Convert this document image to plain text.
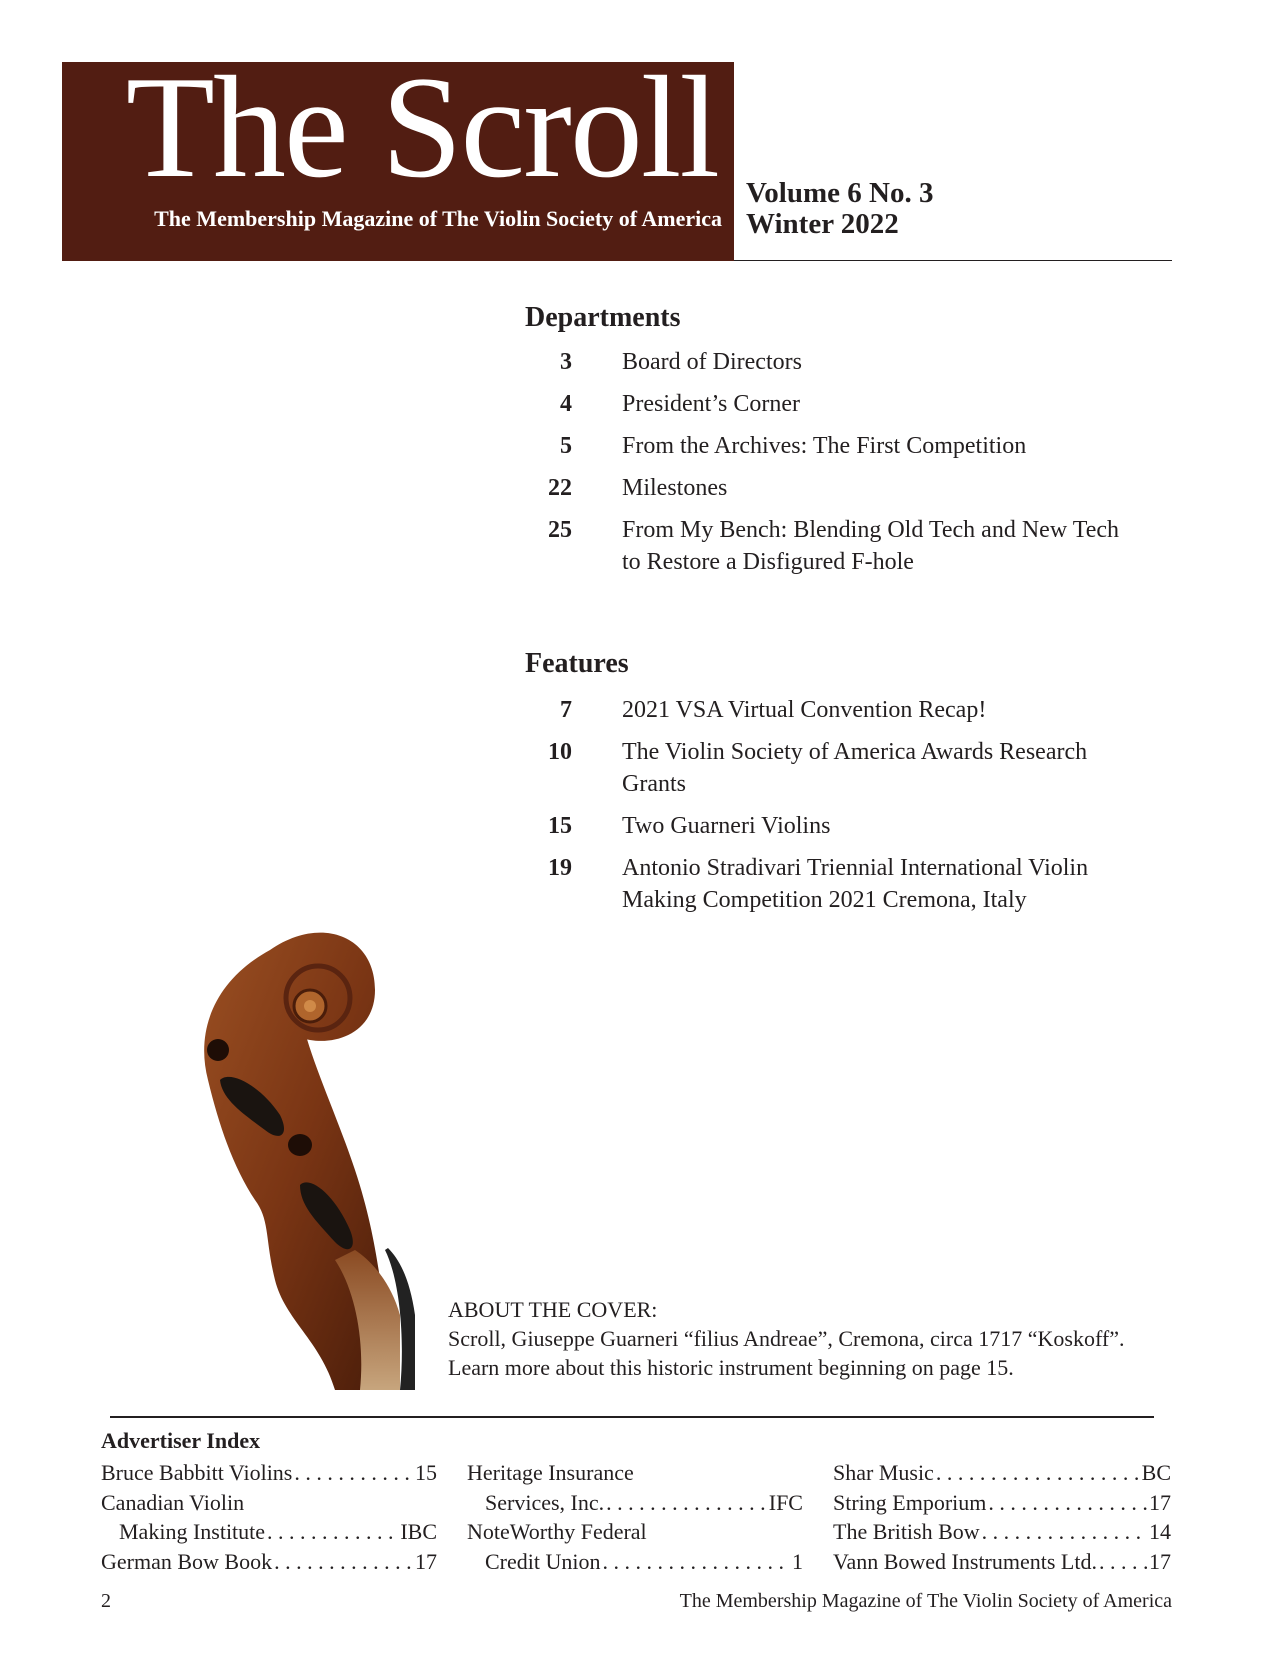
The Scroll
The Membership Magazine of The Violin Society of America
Volume 6 No. 3
Winter 2022
Departments
3 Board of Directors
4 President’s Corner
5 From the Archives: The First Competition
22 Milestones
25 From My Bench: Blending Old Tech and New Tech to Restore a Disfigured F-hole
Features
7 2021 VSA Virtual Convention Recap!
10 The Violin Society of America Awards Research Grants
15 Two Guarneri Violins
19 Antonio Stradivari Triennial International Violin Making Competition 2021 Cremona, Italy
ABOUT THE COVER:
Scroll, Giuseppe Guarneri “filius Andreae”, Cremona, circa 1717 “Koskoff”.
Learn more about this historic instrument beginning on page 15.
Advertiser Index
Bruce Babbitt Violins . . .	15
Canadian Violin
Making Institute . . .	IBC
German Bow Book . . .	17
Heritage Insurance
Services, Inc. . . .	IFC
NoteWorthy Federal
Credit Union . . .	1
Shar Music . . .	BC
String Emporium . . .	17
The British Bow . . .	14
Vann Bowed Instruments Ltd. . . . 17
2	The Membership Magazine of The Violin Society of America
